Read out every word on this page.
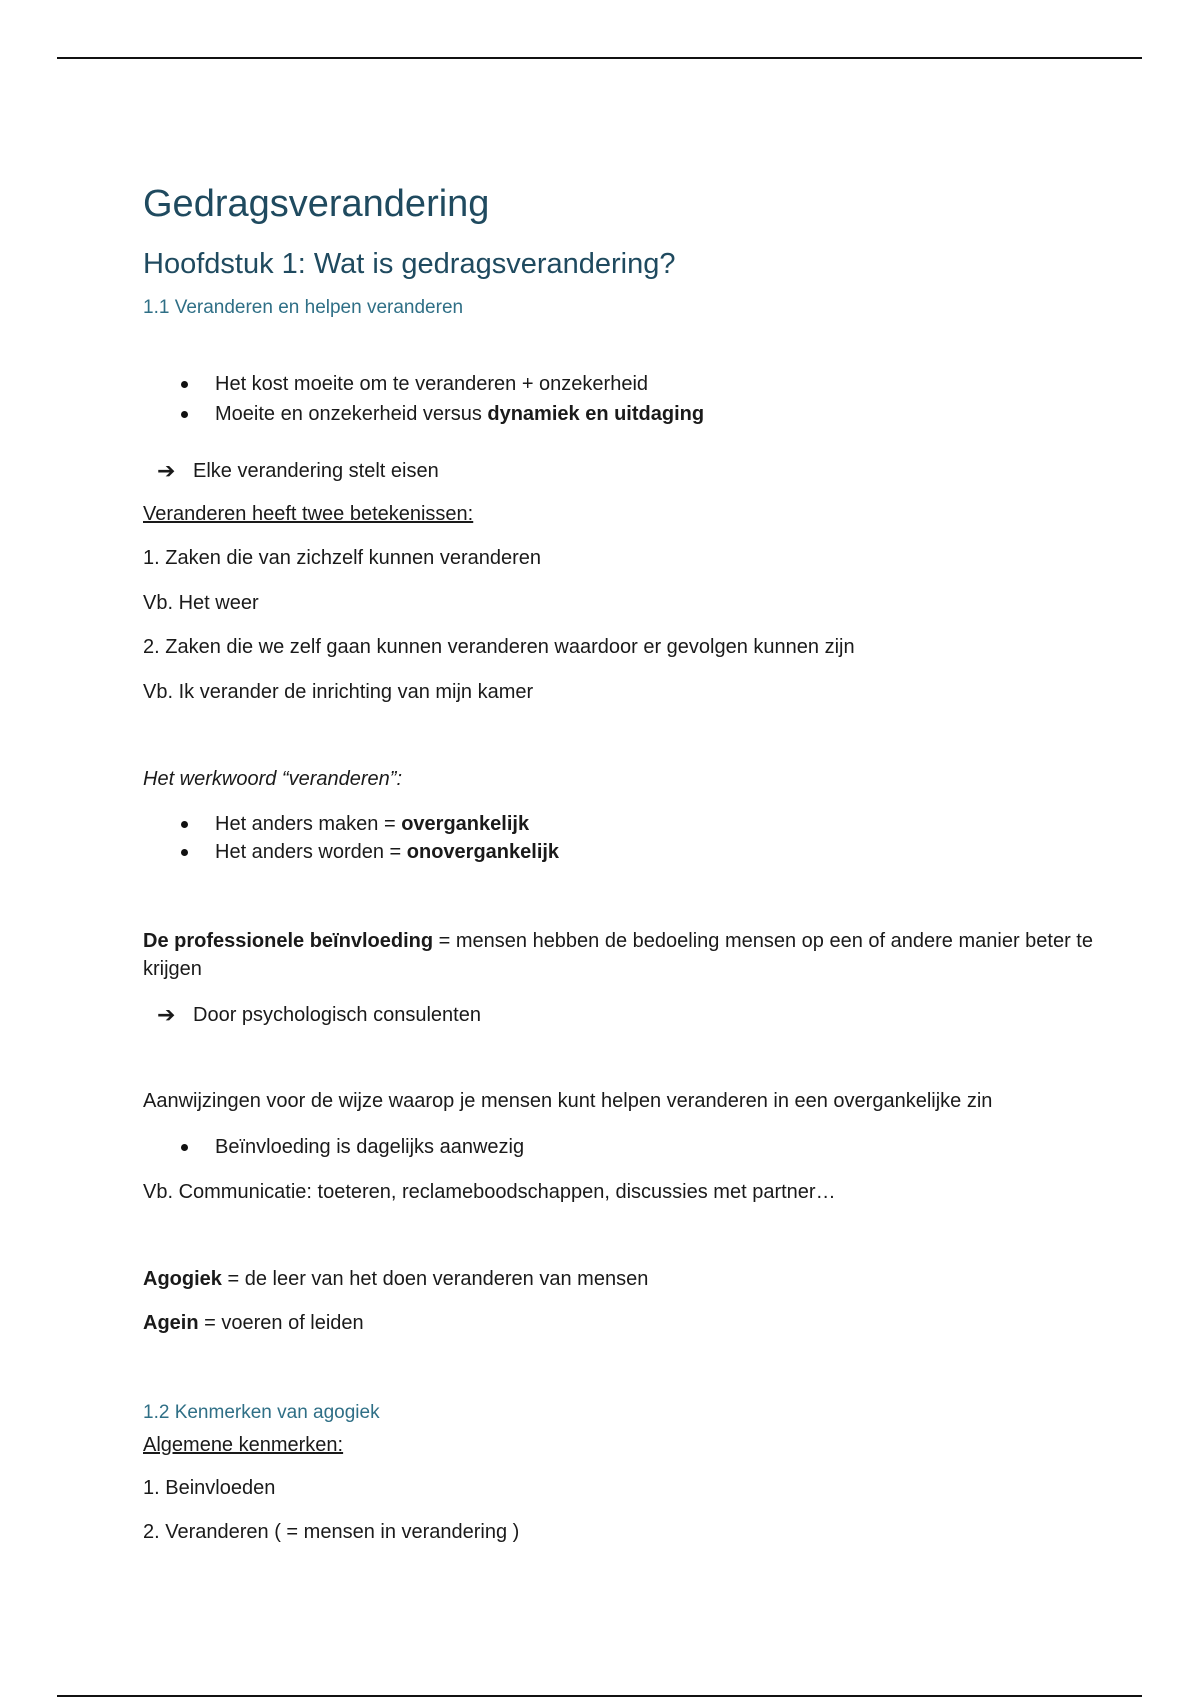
Gedragsverandering
Hoofdstuk 1: Wat is gedragsverandering?
1.1 Veranderen en helpen veranderen
Het kost moeite om te veranderen + onzekerheid
Moeite en onzekerheid versus dynamiek en uitdaging
➔ Elke verandering stelt eisen
Veranderen heeft twee betekenissen:
1. Zaken die van zichzelf kunnen veranderen
Vb. Het weer
2. Zaken die we zelf gaan kunnen veranderen waardoor er gevolgen kunnen zijn
Vb. Ik verander de inrichting van mijn kamer
Het werkwoord “veranderen”:
Het anders maken = overgankelijk
Het anders worden = onovergankelijk
De professionele beïnvloeding = mensen hebben de bedoeling mensen op een of andere manier beter te krijgen
➔ Door psychologisch consulenten
Aanwijzingen voor de wijze waarop je mensen kunt helpen veranderen in een overgankelijke zin
Beïnvloeding is dagelijks aanwezig
Vb. Communicatie: toeteren, reclameboodschappen, discussies met partner…
Agogiek = de leer van het doen veranderen van mensen
Agein = voeren of leiden
1.2 Kenmerken van agogiek
Algemene kenmerken:
1. Beinvloeden
2. Veranderen ( = mensen in verandering )
